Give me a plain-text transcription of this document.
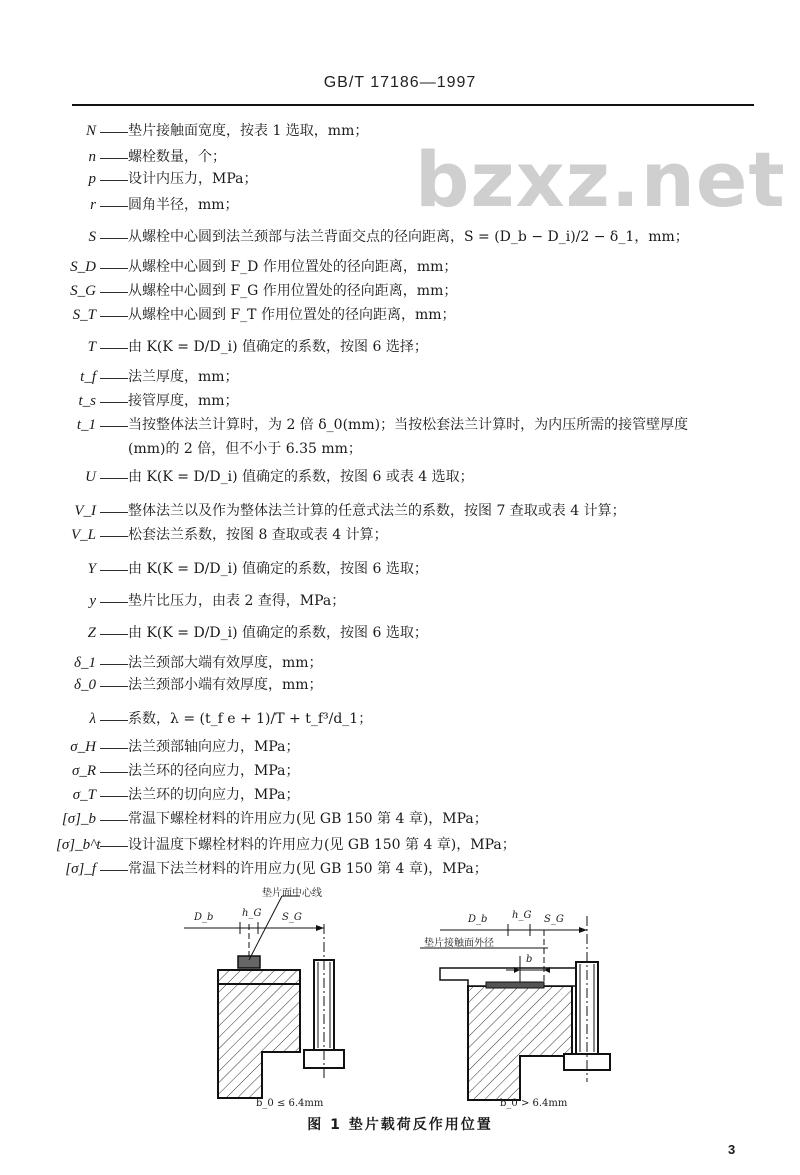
GB/T 17186—1997
bzxz.net
N —— 垫片接触面宽度，按表 1 选取，mm；
n —— 螺栓数量，个；
p —— 设计内压力，MPa；
r —— 圆角半径，mm；
S —— 从螺栓中心圆到法兰颈部与法兰背面交点的径向距离，S = (D_b − D_i)/2 − δ_1，mm；
S_D —— 从螺栓中心圆到 F_D 作用位置处的径向距离，mm；
S_G —— 从螺栓中心圆到 F_G 作用位置处的径向距离，mm；
S_T —— 从螺栓中心圆到 F_T 作用位置处的径向距离，mm；
T —— 由 K(K = D/D_i) 值确定的系数，按图 6 选择；
t_f —— 法兰厚度，mm；
t_s —— 接管厚度，mm；
t_1 —— 当按整体法兰计算时，为 2 倍 δ_0(mm)；当按松套法兰计算时，为内压所需的接管壁厚度
(mm)的 2 倍，但不小于 6.35 mm；
U —— 由 K(K = D/D_i) 值确定的系数，按图 6 或表 4 选取；
V_I —— 整体法兰以及作为整体法兰计算的任意式法兰的系数，按图 7 查取或表 4 计算；
V_L —— 松套法兰系数，按图 8 查取或表 4 计算；
Y —— 由 K(K = D/D_i) 值确定的系数，按图 6 选取；
y —— 垫片比压力，由表 2 查得，MPa；
Z —— 由 K(K = D/D_i) 值确定的系数，按图 6 选取；
δ_1 —— 法兰颈部大端有效厚度，mm；
δ_0 —— 法兰颈部小端有效厚度，mm；
λ —— 系数，λ = (t_f e + 1)/T + t_f³/d_1；
σ_H —— 法兰颈部轴向应力，MPa；
σ_R —— 法兰环的径向应力，MPa；
σ_T —— 法兰环的切向应力，MPa；
[σ]_b —— 常温下螺栓材料的许用应力(见 GB 150 第 4 章)，MPa；
[σ]_b^t —— 设计温度下螺栓材料的许用应力(见 GB 150 第 4 章)，MPa；
[σ]_f —— 常温下法兰材料的许用应力(见 GB 150 第 4 章)，MPa；
垫片面中心线
D_b	h_G S_G
b_0 ≤ 6.4mm
垫片接触面外径
D_b h_G S_G
b
b_0 > 6.4mm
图 1 垫片载荷反作用位置
3
